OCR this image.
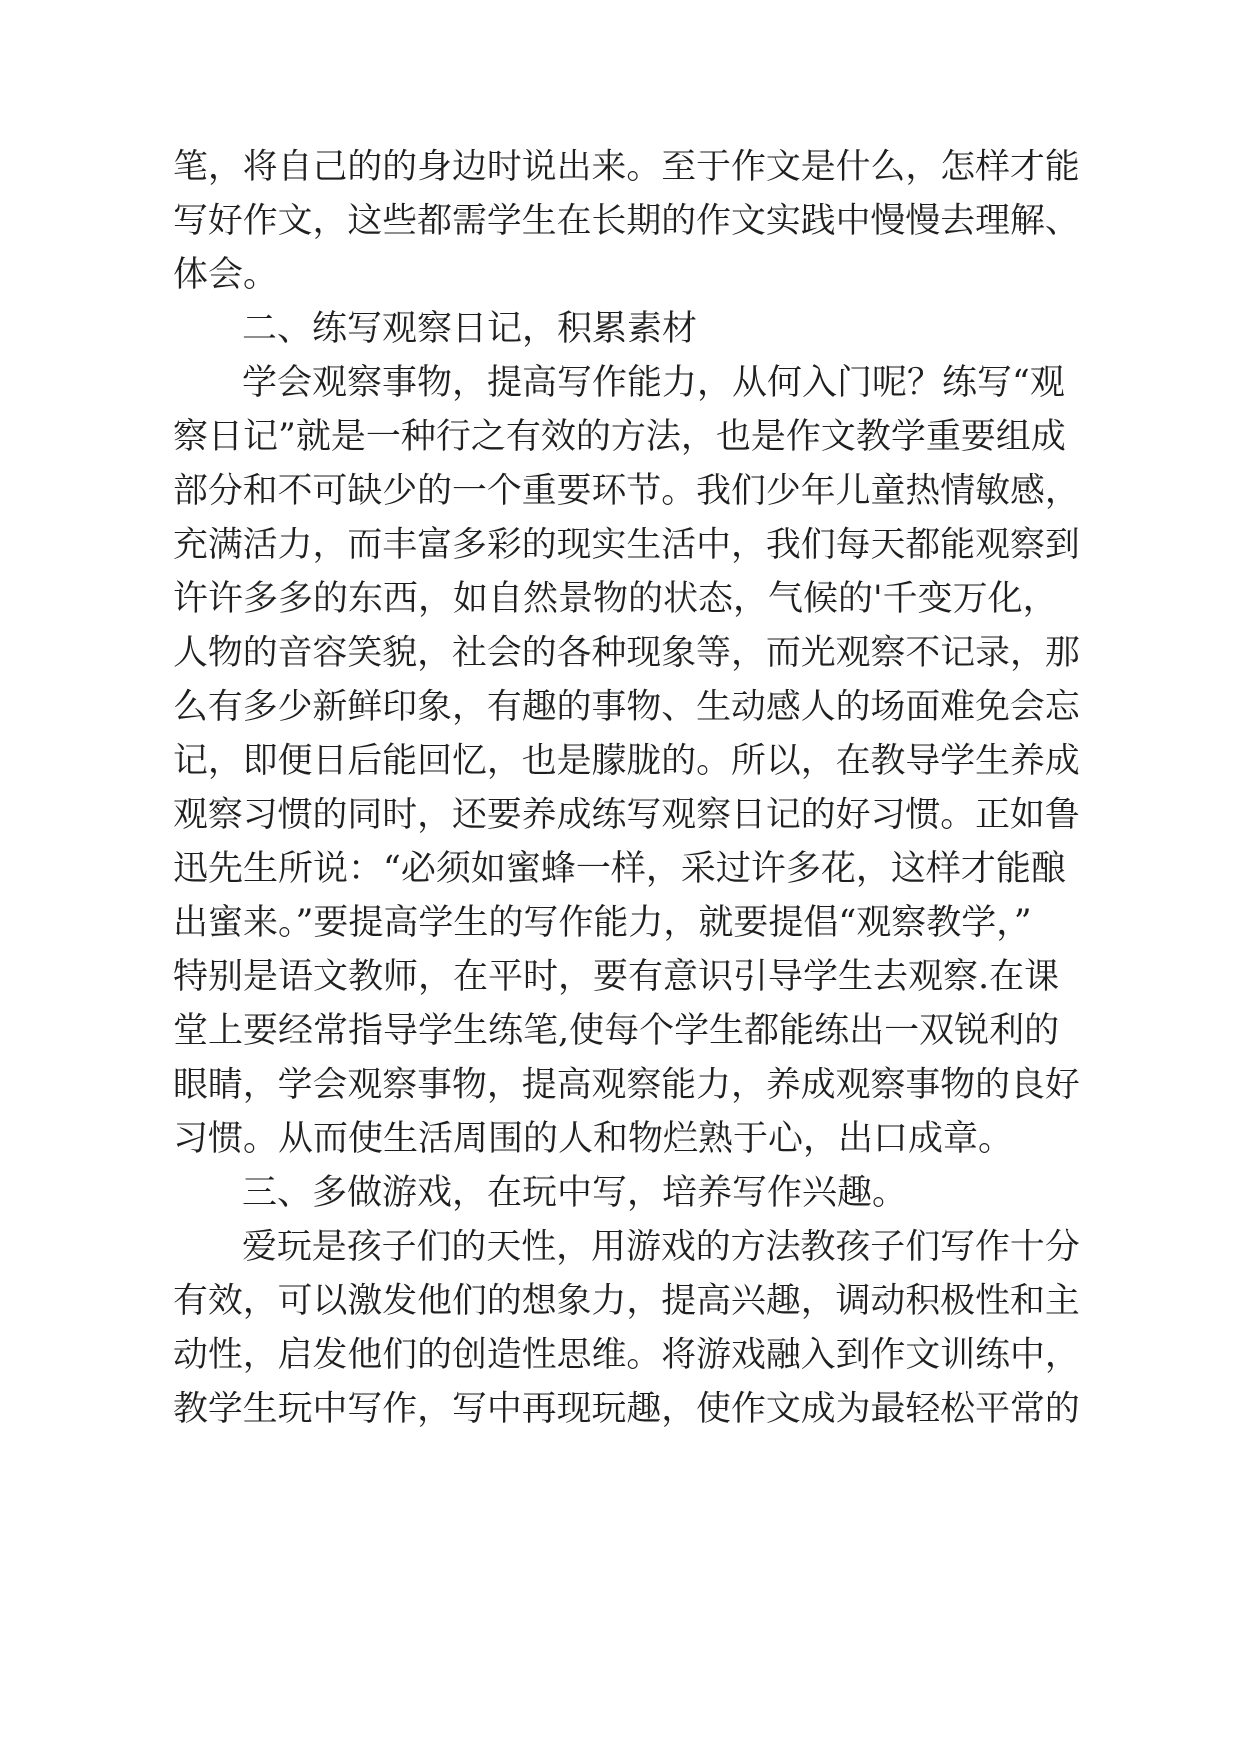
笔，将自己的的身边时说出来。至于作文是什么，怎样才能

写好作文，这些都需学生在长期的作文实践中慢慢去理解、

体会。

二、练写观察日记，积累素材

学会观察事物，提高写作能力，从何入门呢？练写“观

察日记”就是一种行之有效的方法，也是作文教学重要组成

部分和不可缺少的一个重要环节。我们少年儿童热情敏感，

充满活力，而丰富多彩的现实生活中，我们每天都能观察到

许许多多的东西，如自然景物的状态，气候的'千变万化，

人物的音容笑貌，社会的各种现象等，而光观察不记录，那

么有多少新鲜印象，有趣的事物、生动感人的场面难免会忘

记，即便日后能回忆，也是朦胧的。所以，在教导学生养成

观察习惯的同时，还要养成练写观察日记的好习惯。正如鲁

迅先生所说：“必须如蜜蜂一样，采过许多花，这样才能酿

出蜜来。”要提高学生的写作能力，就要提倡“观察教学，”

特别是语文教师，在平时，要有意识引导学生去观察.在课

堂上要经常指导学生练笔,使每个学生都能练出一双锐利的

眼睛，学会观察事物，提高观察能力，养成观察事物的良好

习惯。从而使生活周围的人和物烂熟于心，出口成章。

三、多做游戏，在玩中写，培养写作兴趣。

爱玩是孩子们的天性，用游戏的方法教孩子们写作十分

有效，可以激发他们的想象力，提高兴趣，调动积极性和主

动性，启发他们的创造性思维。将游戏融入到作文训练中，

教学生玩中写作，写中再现玩趣，使作文成为最轻松平常的
